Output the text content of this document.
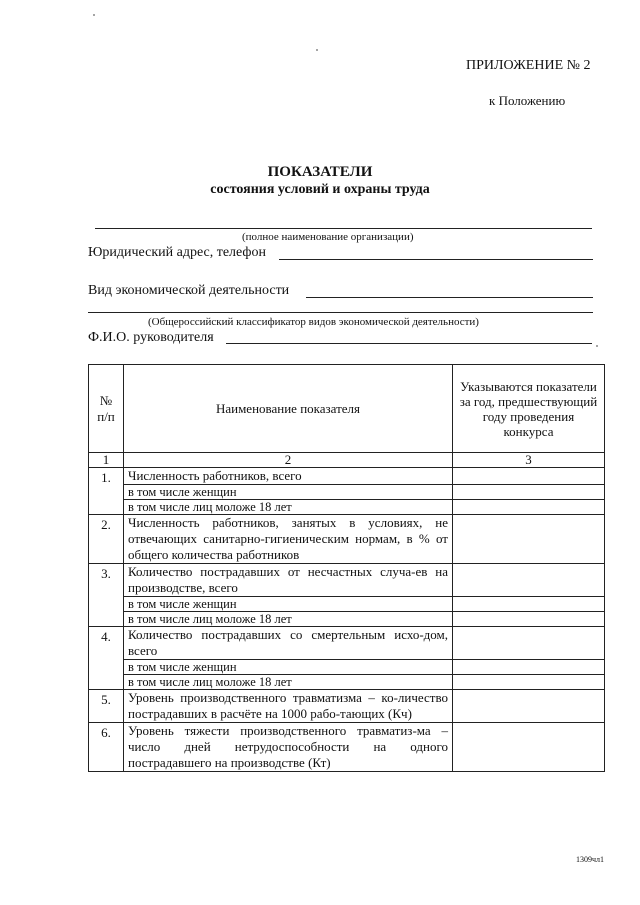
ПРИЛОЖЕНИЕ № 2
к Положению
ПОКАЗАТЕЛИ
состояния условий и охраны труда
(полное наименование организации)
Юридический адрес, телефон
Вид экономической деятельности
(Общероссийский классификатор видов экономической деятельности)
Ф.И.О. руководителя
№
п/п	Наименование показателя	Указываются показатели за год, предшествующий году проведения конкурса
1	2	3
1.	Численность работников, всего	
	в том числе женщин	
	в том числе лиц моложе 18 лет	
2.	Численность работников, занятых в условиях, не отвечающих санитарно-гигиеническим нормам, в % от общего количества работников	
3.	Количество пострадавших от несчастных случа-ев на производстве, всего	
	в том числе женщин	
	в том числе лиц моложе 18 лет	
4.	Количество пострадавших со смертельным исхо-дом, всего	
	в том числе женщин	
	в том числе лиц моложе 18 лет	
5.	Уровень производственного травматизма – ко-личество пострадавших в расчёте на 1000 рабо-тающих (Кч)	
6.	Уровень тяжести производственного травматиз-ма – число дней нетрудоспособности на одного пострадавшего на производстве (Кт)	
1309чл1
